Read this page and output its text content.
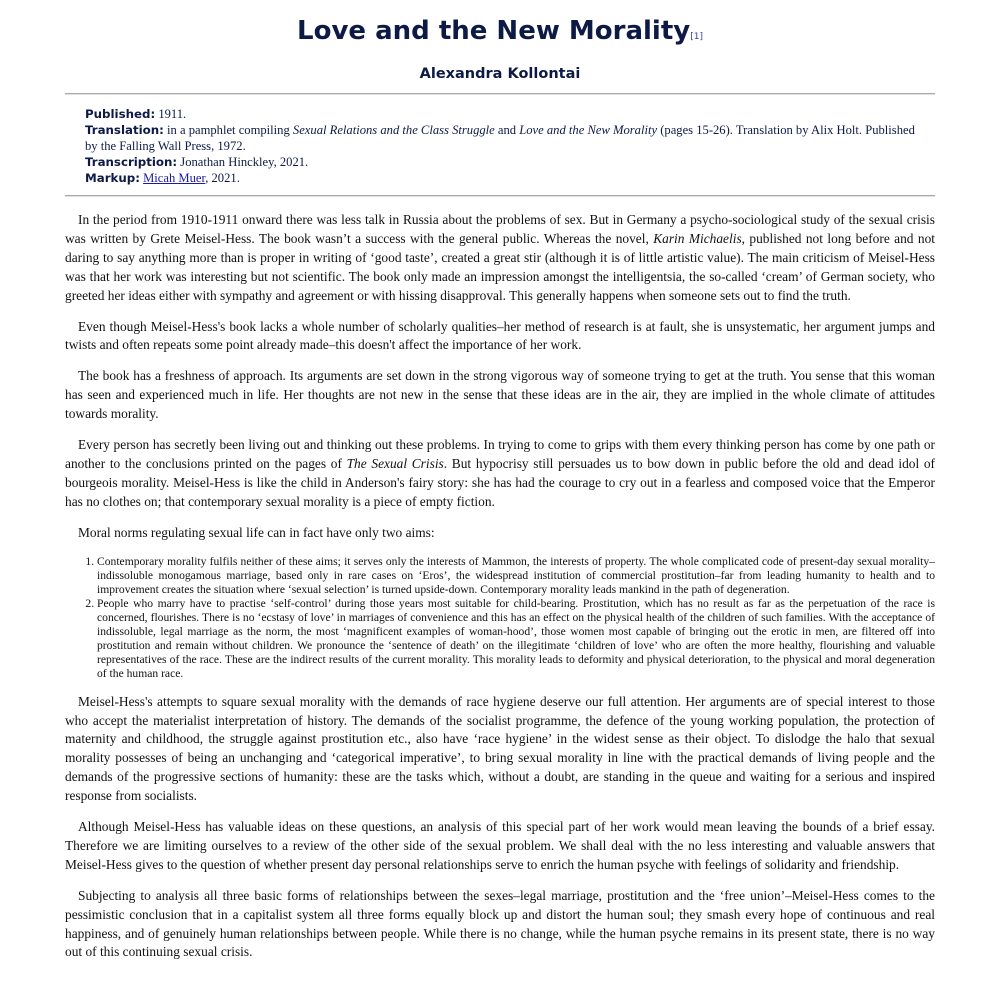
Love and the New Morality[1]
Alexandra Kollontai

Published: 1911.

Translation: in a pamphlet compiling Sexual Relations and the Class Struggle and Love and the New Morality (pages 15-26). Translation by Alix Holt. Published by the Falling Wall Press, 1972.

Transcription: Jonathan Hinckley, 2021.

Markup: Micah Muer, 2021.

In the period from 1910-1911 onward there was less talk in Russia about the problems of sex. But in Germany a psycho-sociological study of the sexual crisis was written by Grete Meisel-Hess. The book wasn’t a success with the general public. Whereas the novel, Karin Michaelis, published not long before and not daring to say anything more than is proper in writing of ‘good taste’, created a great stir (although it is of little artistic value). The main criticism of Meisel-Hess was that her work was interesting but not scientific. The book only made an impression amongst the intelligentsia, the so-called ‘cream’ of German society, who greeted her ideas either with sympathy and agreement or with hissing disapproval. This generally happens when someone sets out to find the truth.

Even though Meisel-Hess's book lacks a whole number of scholarly qualities–her method of research is at fault, she is unsystematic, her argument jumps and twists and often repeats some point already made–this doesn't affect the importance of her work.

The book has a freshness of approach. Its arguments are set down in the strong vigorous way of someone trying to get at the truth. You sense that this woman has seen and experienced much in life. Her thoughts are not new in the sense that these ideas are in the air, they are implied in the whole climate of attitudes towards morality.

Every person has secretly been living out and thinking out these problems. In trying to come to grips with them every thinking person has come by one path or another to the conclusions printed on the pages of The Sexual Crisis. But hypocrisy still persuades us to bow down in public before the old and dead idol of bourgeois morality. Meisel-Hess is like the child in Anderson's fairy story: she has had the courage to cry out in a fearless and composed voice that the Emperor has no clothes on; that contemporary sexual morality is a piece of empty fiction.

Moral norms regulating sexual life can in fact have only two aims:

1. Contemporary morality fulfils neither of these aims; it serves only the interests of Mammon, the interests of property. The whole complicated code of present-day sexual morality–indissoluble monogamous marriage, based only in rare cases on ‘Eros’, the widespread institution of commercial prostitution–far from leading humanity to health and to improvement creates the situation where ‘sexual selection’ is turned upside-down. Contemporary morality leads mankind in the path of degeneration.
2. People who marry have to practise ‘self-control’ during those years most suitable for child-bearing. Prostitution, which has no result as far as the perpetuation of the race is concerned, flourishes. There is no ‘ecstasy of love’ in marriages of convenience and this has an effect on the physical health of the children of such families. With the acceptance of indissoluble, legal marriage as the norm, the most ‘magnificent examples of woman-hood’, those women most capable of bringing out the erotic in men, are filtered off into prostitution and remain without children. We pronounce the ‘sentence of death’ on the illegitimate ‘children of love’ who are often the more healthy, flourishing and valuable representatives of the race. These are the indirect results of the current morality. This morality leads to deformity and physical deterioration, to the physical and moral degeneration of the human race.

Meisel-Hess's attempts to square sexual morality with the demands of race hygiene deserve our full attention. Her arguments are of special interest to those who accept the materialist interpretation of history. The demands of the socialist programme, the defence of the young working population, the protection of maternity and childhood, the struggle against prostitution etc., also have ‘race hygiene’ in the widest sense as their object. To dislodge the halo that sexual morality possesses of being an unchanging and ‘categorical imperative’, to bring sexual morality in line with the practical demands of living people and the demands of the progressive sections of humanity: these are the tasks which, without a doubt, are standing in the queue and waiting for a serious and inspired response from socialists.

Although Meisel-Hess has valuable ideas on these questions, an analysis of this special part of her work would mean leaving the bounds of a brief essay. Therefore we are limiting ourselves to a review of the other side of the sexual problem. We shall deal with the no less interesting and valuable answers that Meisel-Hess gives to the question of whether present day personal relationships serve to enrich the human psyche with feelings of solidarity and friendship.

Subjecting to analysis all three basic forms of relationships between the sexes–legal marriage, prostitution and the ‘free union’–Meisel-Hess comes to the pessimistic conclusion that in a capitalist system all three forms equally block up and distort the human soul; they smash every hope of continuous and real happiness, and of genuinely human relationships between people. While there is no change, while the human psyche remains in its present state, there is no way out of this continuing sexual crisis.
